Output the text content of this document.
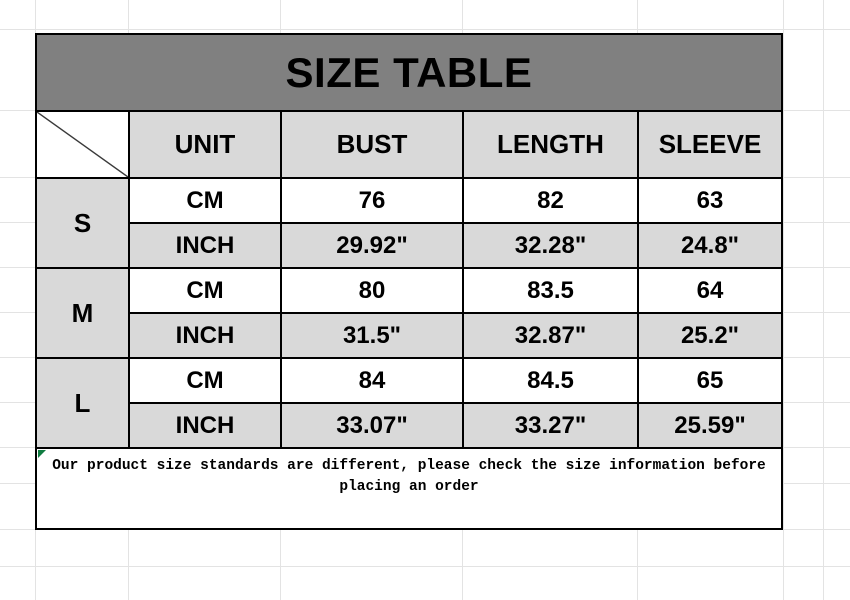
SIZE TABLE
UNIT	BUST	LENGTH	SLEEVE
S
CM	76	82	63
INCH	29.92"	32.28"	24.8"
M
CM	80	83.5	64
INCH	31.5"	32.87"	25.2"
L
CM	84	84.5	65
INCH	33.07"	33.27"	25.59"
Our product size standards are different, please check the size information before
placing an order
